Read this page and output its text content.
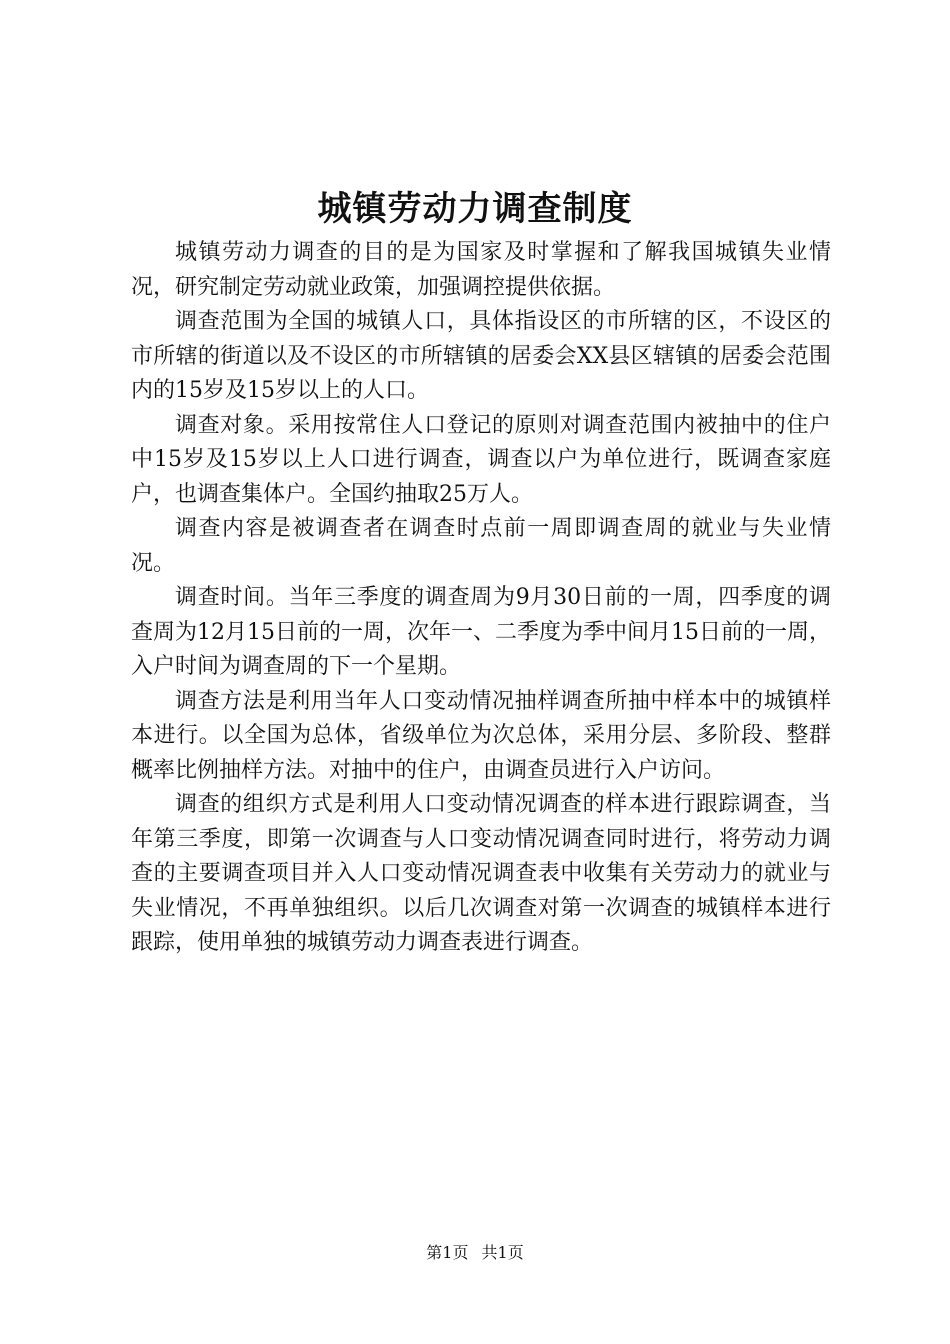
城镇劳动力调查制度

城镇劳动力调查的目的是为国家及时掌握和了解我国城镇失业情况，研究制定劳动就业政策，加强调控提供依据。

调查范围为全国的城镇人口，具体指设区的市所辖的区，不设区的市所辖的街道以及不设区的市所辖镇的居委会XX县区辖镇的居委会范围内的15岁及15岁以上的人口。

调查对象。采用按常住人口登记的原则对调查范围内被抽中的住户中15岁及15岁以上人口进行调查，调查以户为单位进行，既调查家庭户，也调查集体户。全国约抽取25万人。

调查内容是被调查者在调查时点前一周即调查周的就业与失业情况。

调查时间。当年三季度的调查周为9月30日前的一周，四季度的调查周为12月15日前的一周，次年一、二季度为季中间月15日前的一周，入户时间为调查周的下一个星期。

调查方法是利用当年人口变动情况抽样调查所抽中样本中的城镇样本进行。以全国为总体，省级单位为次总体，采用分层、多阶段、整群概率比例抽样方法。对抽中的住户，由调查员进行入户访问。

调查的组织方式是利用人口变动情况调查的样本进行跟踪调查，当年第三季度，即第一次调查与人口变动情况调查同时进行，将劳动力调查的主要调查项目并入人口变动情况调查表中收集有关劳动力的就业与失业情况，不再单独组织。以后几次调查对第一次调查的城镇样本进行跟踪，使用单独的城镇劳动力调查表进行调查。

第1页 共1页
